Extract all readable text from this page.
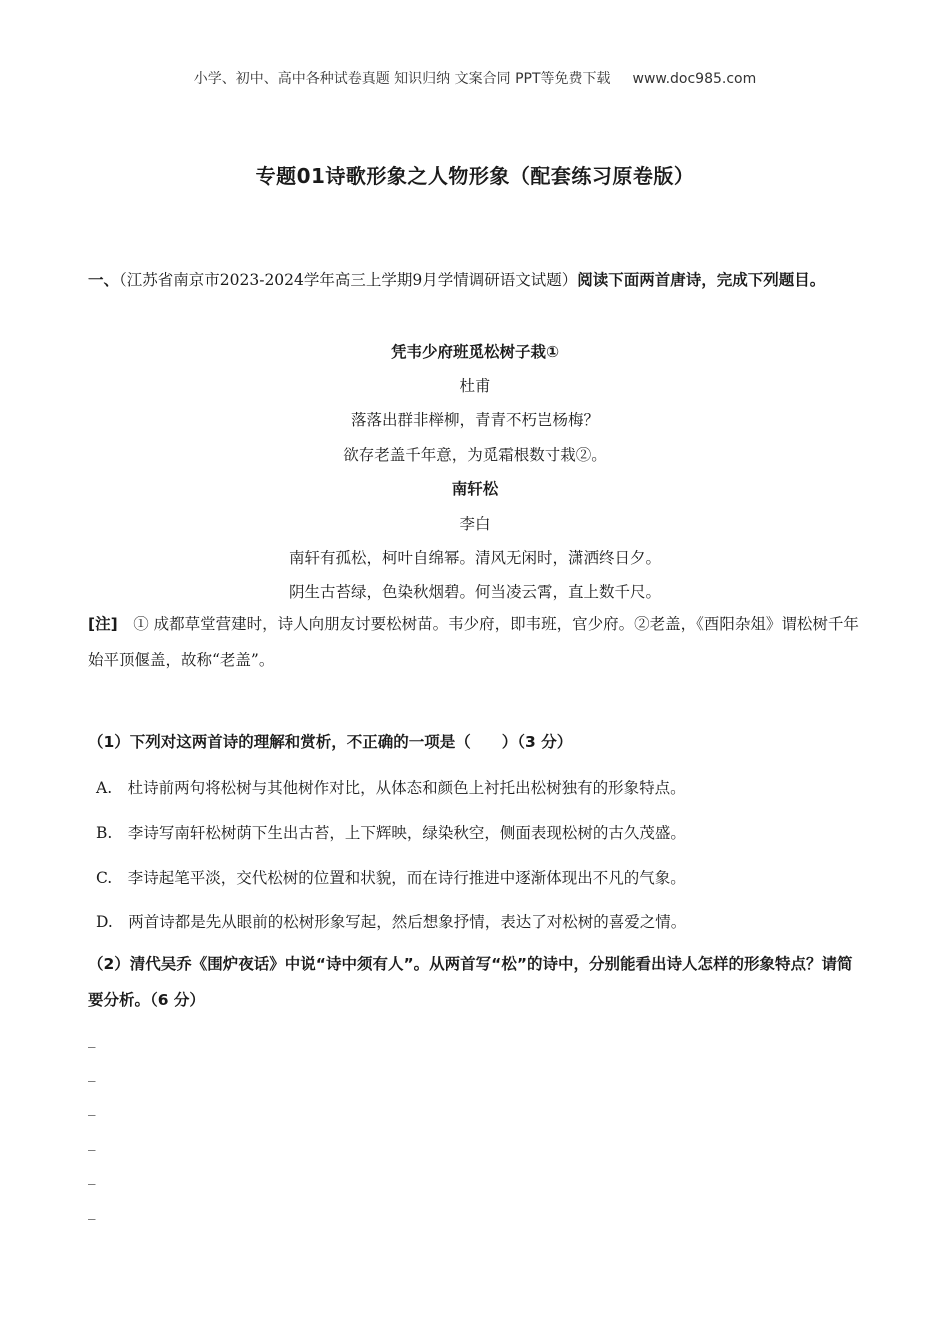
小学、初中、高中各种试卷真题 知识归纳 文案合同 PPT等免费下载 www.doc985.com
专题01诗歌形象之人物形象（配套练习原卷版）
一、（江苏省南京市2023-2024学年高三上学期9月学情调研语文试题）阅读下面两首唐诗，完成下列题目。
凭韦少府班觅松树子栽①
杜甫
落落出群非榉柳，青青不朽岂杨梅？
欲存老盖千年意，为觅霜根数寸栽②。
南轩松
李白
南轩有孤松，柯叶自绵幂。清风无闲时，潇洒终日夕。
阴生古苔绿，色染秋烟碧。何当凌云霄，直上数千尺。
[注]　 ① 成都草堂营建时，诗人向朋友讨要松树苗。韦少府，即韦班，官少府。②老盖，《酉阳杂俎》谓松树千年始平顶偃盖，故称“老盖”。
（1）下列对这两首诗的理解和赏析，不正确的一项是（　　）（3 分）
A.　杜诗前两句将松树与其他树作对比，从体态和颜色上衬托出松树独有的形象特点。
B.　李诗写南轩松树荫下生出古苔，上下辉映，绿染秋空，侧面表现松树的古久茂盛。
C.　李诗起笔平淡，交代松树的位置和状貌，而在诗行推进中逐渐体现出不凡的气象。
D.　两首诗都是先从眼前的松树形象写起，然后想象抒情，表达了对松树的喜爱之情。
（2）清代吴乔《围炉夜话》中说“诗中须有人”。从两首写“松”的诗中，分别能看出诗人怎样的形象特点？请简要分析。（6 分）
_
_
_
_
_
_
